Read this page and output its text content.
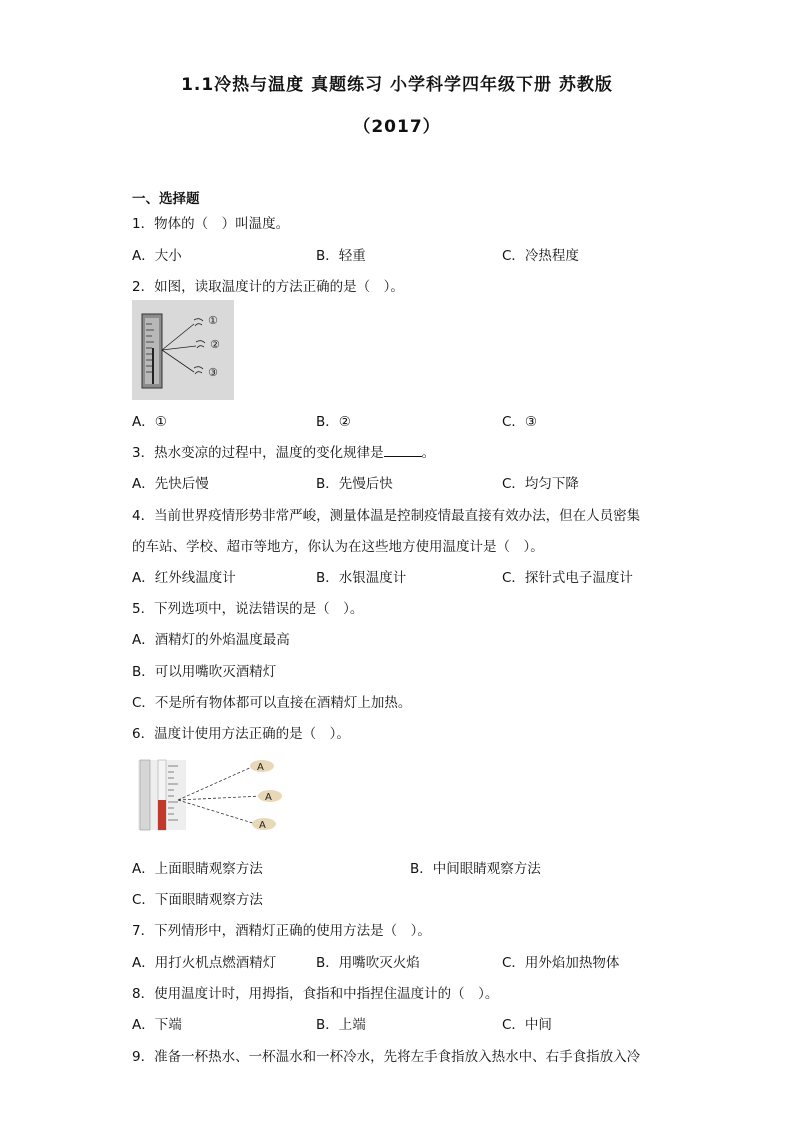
1.1冷热与温度 真题练习 小学科学四年级下册 苏教版
（2017）
一、选择题
1．物体的（　）叫温度。
A．大小	B．轻重	C．冷热程度
2．如图，读取温度计的方法正确的是（　）。
①
②
③
A．①	B．②	C．③
3．热水变凉的过程中，温度的变化规律是	。
A．先快后慢	B．先慢后快	C．均匀下降
4．当前世界疫情形势非常严峻，测量体温是控制疫情最直接有效办法，但在人员密集
的车站、学校、超市等地方，你认为在这些地方使用温度计是（　）。
A．红外线温度计	B．水银温度计	C．探针式电子温度计
5．下列选项中，说法错误的是（　）。
A．酒精灯的外焰温度最高
B．可以用嘴吹灭酒精灯
C．不是所有物体都可以直接在酒精灯上加热。
6．温度计使用方法正确的是（　）。
A
A
A
A．上面眼睛观察方法	B．中间眼睛观察方法
C．下面眼睛观察方法
7．下列情形中，酒精灯正确的使用方法是（　）。
A．用打火机点燃酒精灯	B．用嘴吹灭火焰	C．用外焰加热物体
8．使用温度计时，用拇指，食指和中指捏住温度计的（　）。
A．下端	B．上端	C．中间
9．准备一杯热水、一杯温水和一杯冷水，先将左手食指放入热水中、右手食指放入冷
